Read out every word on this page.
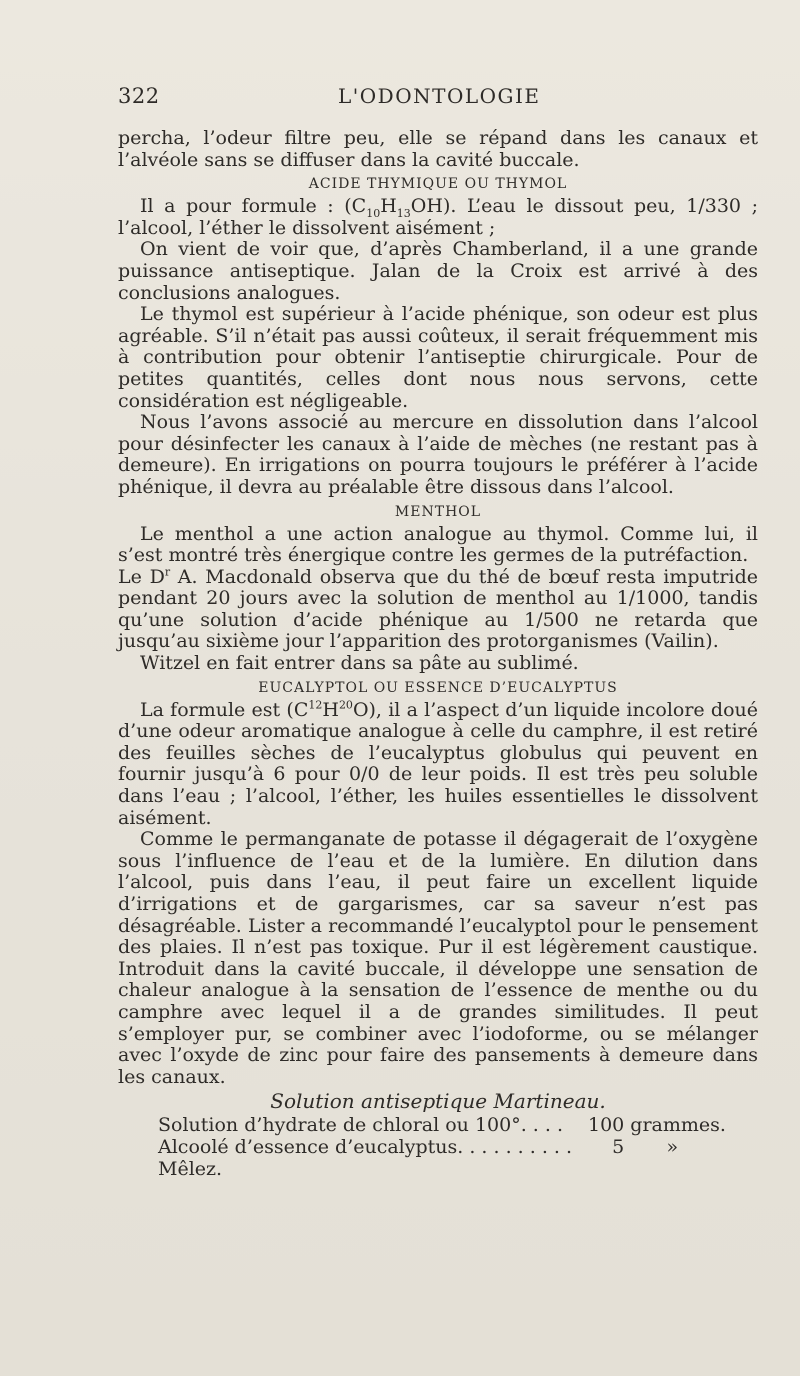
322	L'ODONTOLOGIE

percha, l’odeur filtre peu, elle se répand dans les canaux et l’alvéole sans se diffuser dans la cavité buccale.

ACIDE THYMIQUE OU THYMOL

Il a pour formule : $(C_{10}H_{13}OH)$. L’eau le dissout peu, 1/330 ; l’alcool, l’éther le dissolvent aisément ;

On vient de voir que, d’après Chamberland, il a une grande puissance antiseptique. Jalan de la Croix est arrivé à des conclusions analogues.

Le thymol est supérieur à l’acide phénique, son odeur est plus agréable. S’il n’était pas aussi coûteux, il serait fréquemment mis à contribution pour obtenir l’antiseptie chirurgicale. Pour de petites quantités, celles dont nous nous servons, cette considération est négligeable.

Nous l’avons associé au mercure en dissolution dans l’alcool pour désinfecter les canaux à l’aide de mèches (ne restant pas à demeure). En irrigations on pourra toujours le préférer à l’acide phénique, il devra au préalable être dissous dans l’alcool.

MENTHOL

Le menthol a une action analogue au thymol. Comme lui, il s’est montré très énergique contre les germes de la putréfaction.

Le $D^r$ A. Macdonald observa que du thé de bœuf resta imputride pendant 20 jours avec la solution de menthol au 1/1000, tandis qu’une solution d’acide phénique au 1/500 ne retarda que jusqu’au sixième jour l’apparition des protorganismes (Vailin).

Witzel en fait entrer dans sa pâte au sublimé.

EUCALYPTOL OU ESSENCE D’EUCALYPTUS

La formule est $(C^{12}H^{20}O)$, il a l’aspect d’un liquide incolore doué d’une odeur aromatique analogue à celle du camphre, il est retiré des feuilles sèches de l’eucalyptus globulus qui peuvent en fournir jusqu’à 6 pour 0/0 de leur poids. Il est très peu soluble dans l’eau ; l’alcool, l’éther, les huiles essentielles le dissolvent aisément.

Comme le permanganate de potasse il dégagerait de l’oxygène sous l’influence de l’eau et de la lumière. En dilution dans l’alcool, puis dans l’eau, il peut faire un excellent liquide d’irrigations et de gargarismes, car sa saveur n’est pas désagréable. Lister a recommandé l’eucalyptol pour le pensement des plaies. Il n’est pas toxique. Pur il est légèrement caustique. Introduit dans la cavité buccale, il développe une sensation de chaleur analogue à la sensation de l’essence de menthe ou du camphre avec lequel il a de grandes similitudes. Il peut s’employer pur, se combiner avec l’iodoforme, ou se mélanger avec l’oxyde de zinc pour faire des pansements à demeure dans les canaux.

Solution antiseptique Martineau.
Solution d’hydrate de chloral ou 100°. . . . 100 grammes.
Alcoolé d’essence d’eucalyptus. . . . . . . . . . 5       »
Mêlez.
